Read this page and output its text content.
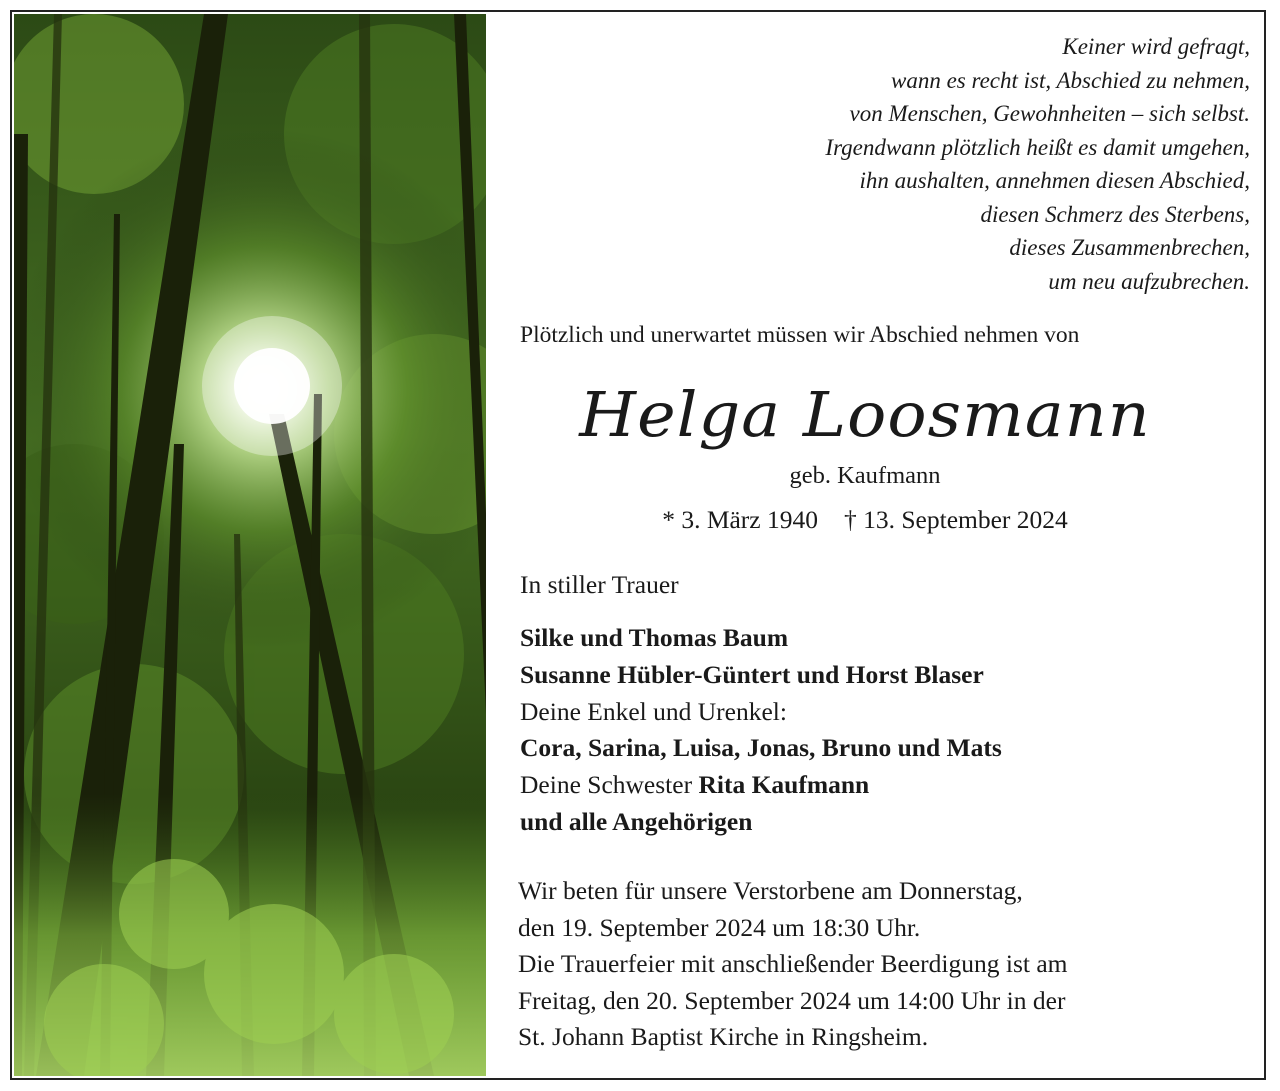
Keiner wird gefragt,
wann es recht ist, Abschied zu nehmen,
von Menschen, Gewohnheiten – sich selbst.
Irgendwann plötzlich heißt es damit umgehen,
ihn aushalten, annehmen diesen Abschied,
diesen Schmerz des Sterbens,
dieses Zusammenbrechen,
um neu aufzubrechen.
Plötzlich und unerwartet müssen wir Abschied nehmen von
Helga Loosmann
geb. Kaufmann
* 3. März 1940 † 13. September 2024
In stiller Trauer
Silke und Thomas Baum
Susanne Hübler-Güntert und Horst Blaser
Deine Enkel und Urenkel:
Cora, Sarina, Luisa, Jonas, Bruno und Mats
Deine Schwester Rita Kaufmann
und alle Angehörigen
Wir beten für unsere Verstorbene am Donnerstag,
den 19. September 2024 um 18:30 Uhr.
Die Trauerfeier mit anschließender Beerdigung ist am
Freitag, den 20. September 2024 um 14:00 Uhr in der
St. Johann Baptist Kirche in Ringsheim.
